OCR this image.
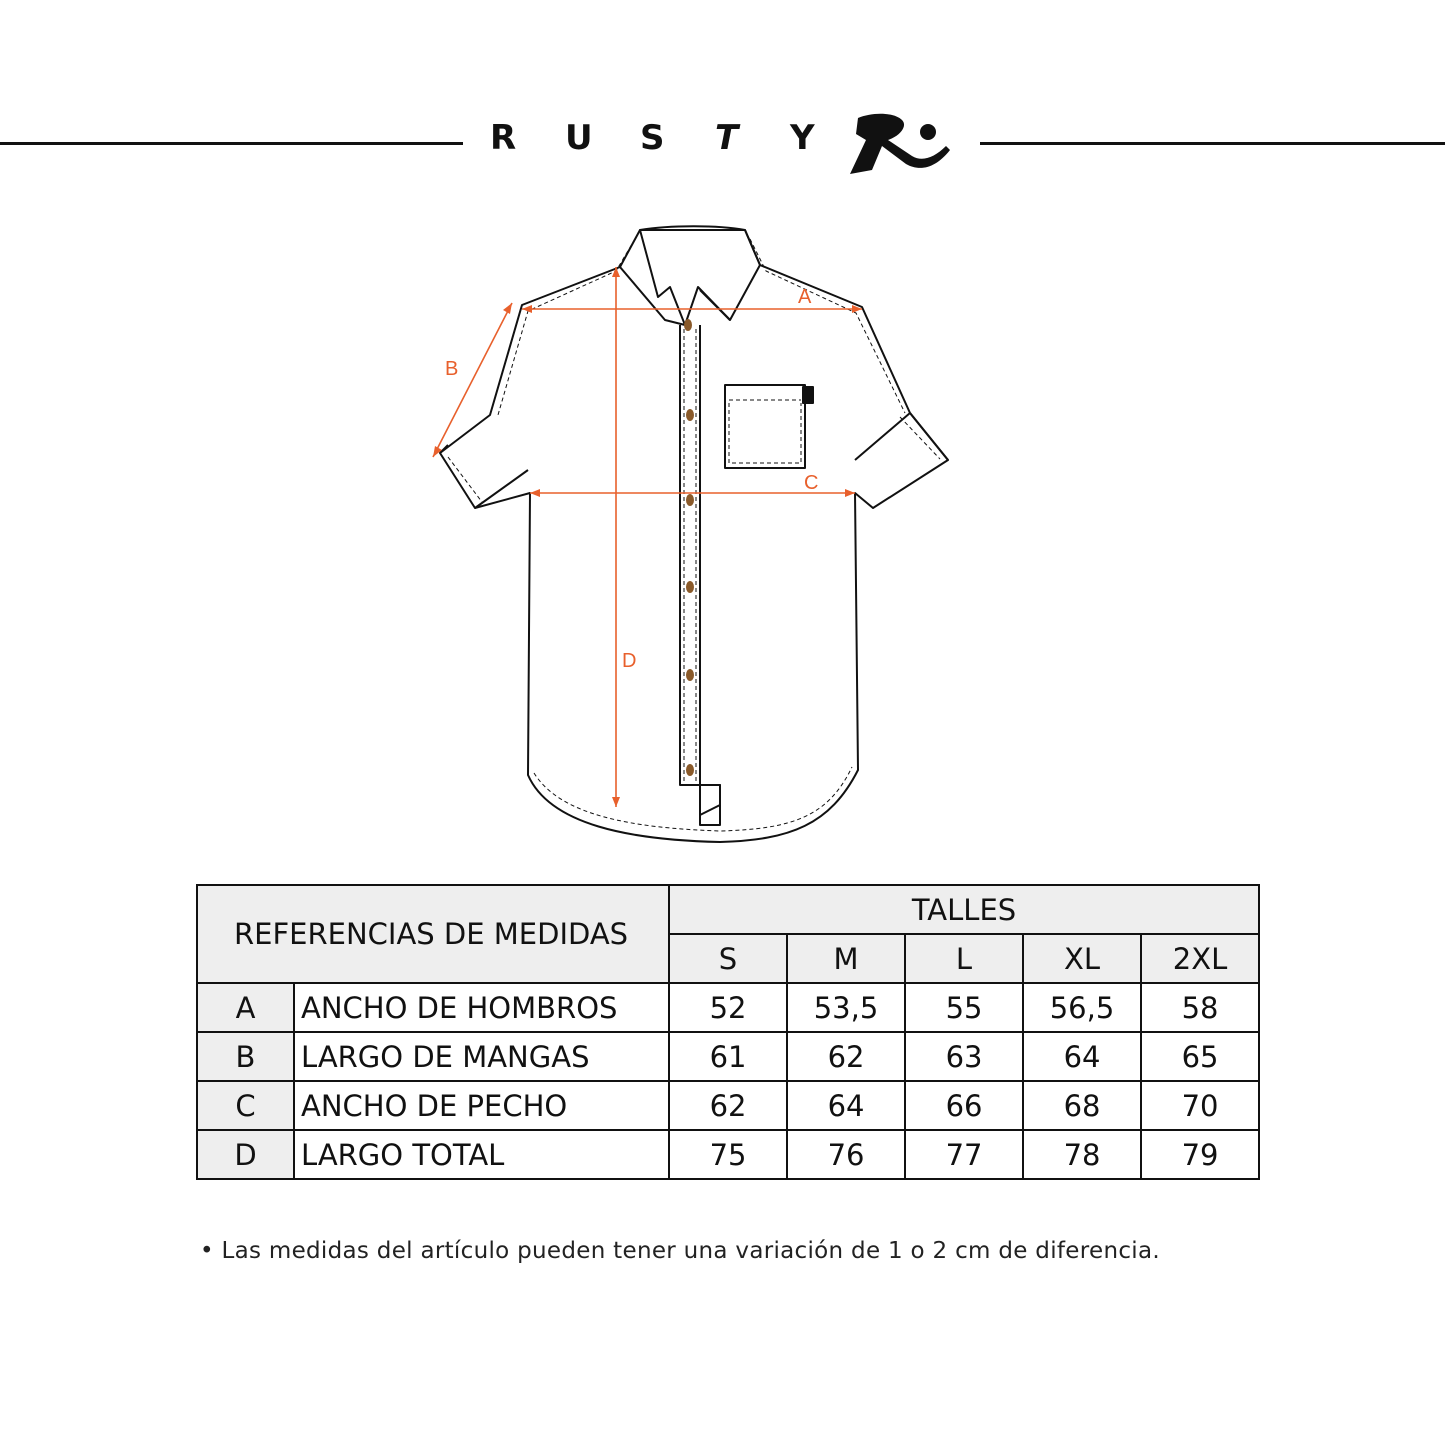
R U S T Y
A
B
C
D
REFERENCIAS DE MEDIDAS		TALLES				
		S	M	L	XL	2XL
A	ANCHO DE HOMBROS	52	53,5	55	56,5	58
B	LARGO DE MANGAS	61	62	63	64	65
C	ANCHO DE PECHO	62	64	66	68	70
D	LARGO TOTAL	75	76	77	78	79
• Las medidas del artículo pueden tener una variación de 1 o 2 cm de diferencia.
